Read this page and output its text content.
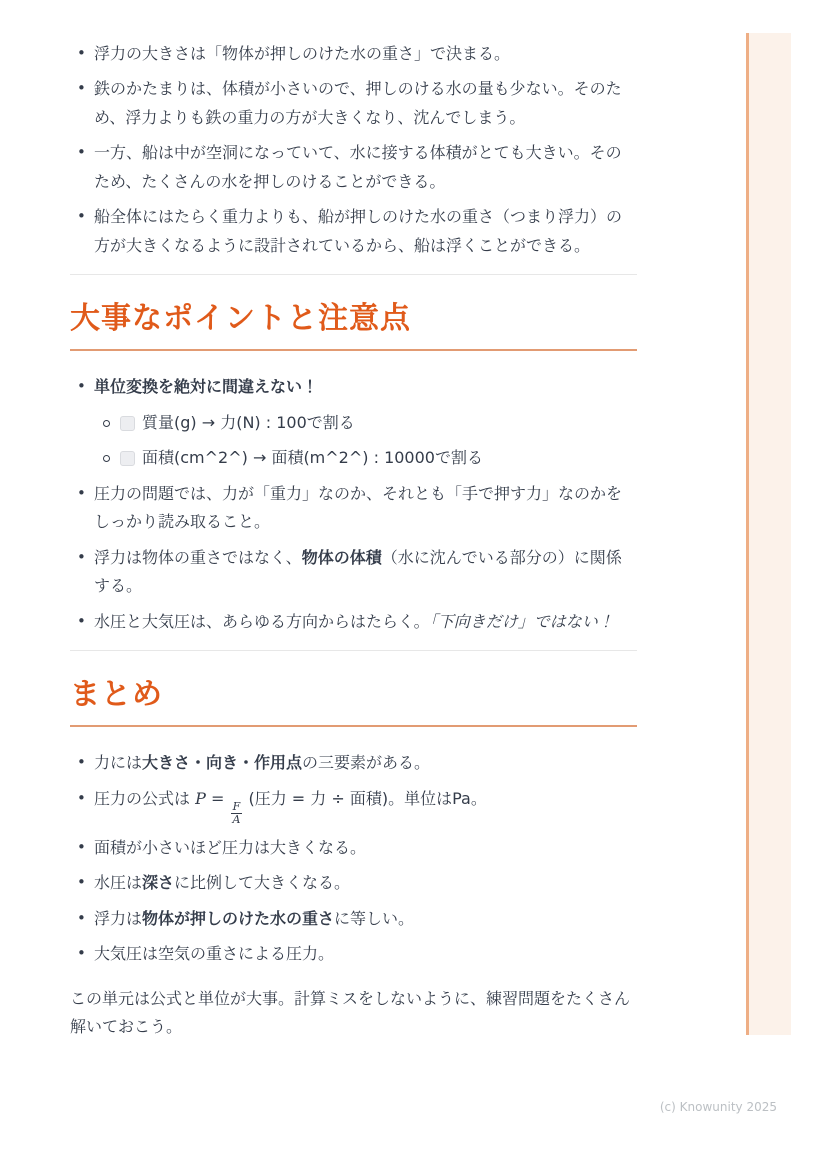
• 浮力の大きさは「物体が押しのけた水の重さ」で決まる。
• 鉄のかたまりは、体積が小さいので、押しのける水の量も少ない。そのため、浮力よりも鉄の重力の方が大きくなり、沈んでしまう。
• 一方、船は中が空洞になっていて、水に接する体積がとても大きい。そのため、たくさんの水を押しのけることができる。
• 船全体にはたらく重力よりも、船が押しのけた水の重さ（つまり浮力）の方が大きくなるように設計されているから、船は浮くことができる。
大事なポイントと注意点
• 単位変換を絶対に間違えない！
質量(g) → 力(N) : 100で割る
面積(cm^2^) → 面積(m^2^) : 10000で割る
• 圧力の問題では、力が「重力」なのか、それとも「手で押す力」なのかをしっかり読み取ること。
• 浮力は物体の重さではなく、物体の体積（水に沈んでいる部分の）に関係する。
• 水圧と大気圧は、あらゆる方向からはたらく。「下向きだけ」ではない！
まとめ
• 力には大きさ・向き・作用点の三要素がある。
• 圧力の公式は P =
$\frac{F}{A}$
(圧力 = 力 ÷ 面積)。単位はPa。
• 面積が小さいほど圧力は大きくなる。
• 水圧は深さに比例して大きくなる。
• 浮力は物体が押しのけた水の重さに等しい。
• 大気圧は空気の重さによる圧力。

この単元は公式と単位が大事。計算ミスをしないように、練習問題をたくさん解いておこう。

(c) Knowunity 2025
